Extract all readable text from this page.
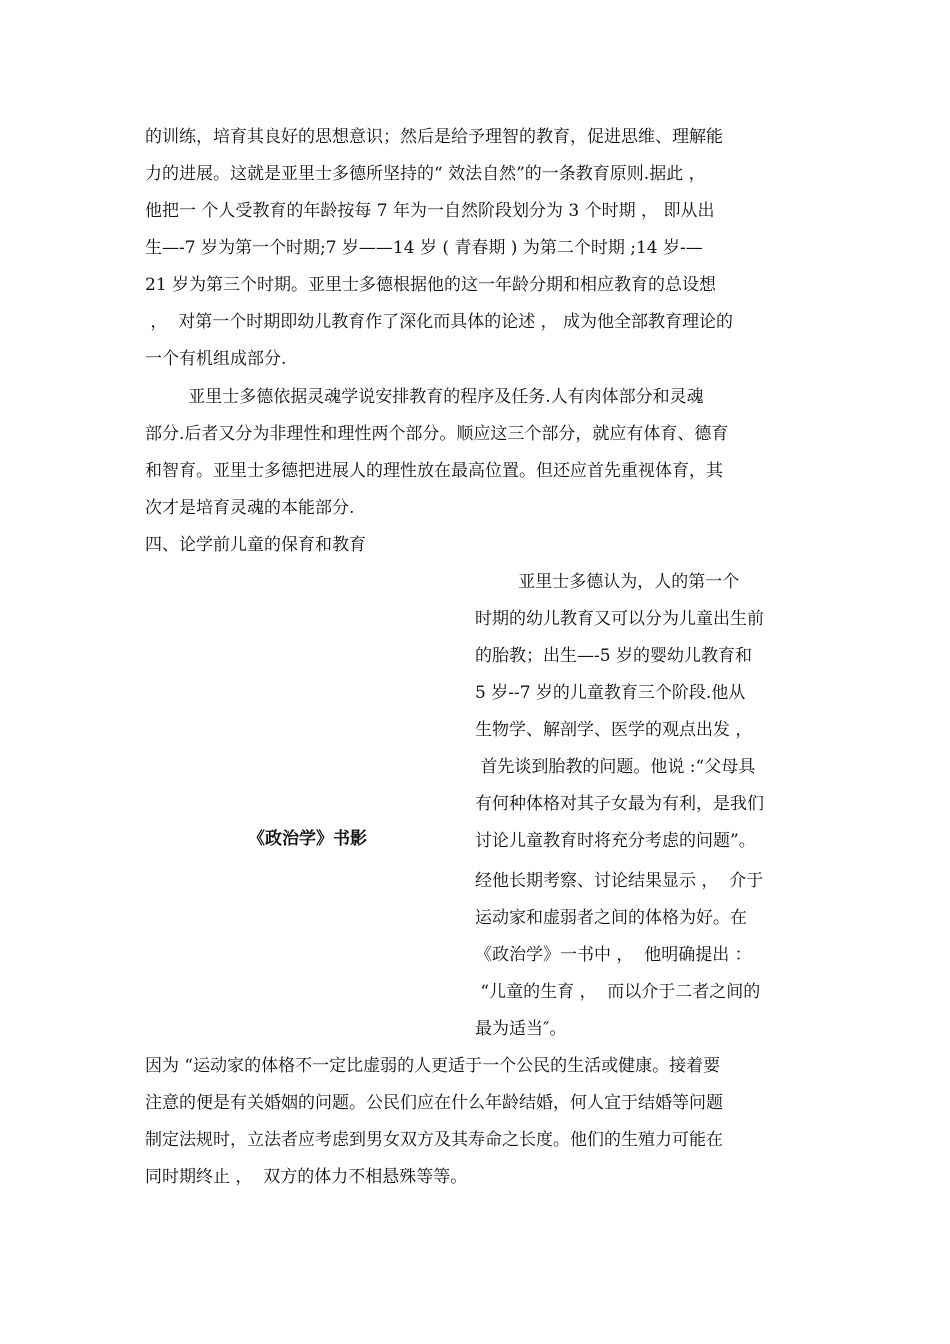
的训练，培育其良好的思想意识；然后是给予理智的教育，促进思维、理解能
力的进展。这就是亚里士多德所坚持的“ 效法自然”的一条教育原则.据此 ，
他把一 个人受教育的年龄按每 7 年为一自然阶段划分为 3 个时期 ， 即从出
生—-7 岁为第一个时期;7 岁——14 岁 ( 青春期 ) 为第二个时期 ;14 岁-—
21 岁为第三个时期。亚里士多德根据他的这一年龄分期和相应教育的总设想
，  对第一个时期即幼儿教育作了深化而具体的论述 ， 成为他全部教育理论的
一个有机组成部分.
亚里士多德依据灵魂学说安排教育的程序及任务.人有肉体部分和灵魂
部分.后者又分为非理性和理性两个部分。顺应这三个部分，就应有体育、德育
和智育。亚里士多德把进展人的理性放在最高位置。但还应首先重视体育，其
次才是培育灵魂的本能部分.
四、论学前儿童的保育和教育
《政治学》书影
亚里士多德认为，人的第一个
时期的幼儿教育又可以分为儿童出生前
的胎教；出生—-5 岁的婴幼儿教育和
5 岁--7 岁的儿童教育三个阶段.他从
生物学、解剖学、医学的观点出发 ，
首先谈到胎教的问题。他说 :“父母具
有何种体格对其子女最为有利，是我们
讨论儿童教育时将充分考虑的问题”。
经他长期考察、讨论结果显示 ，  介于
运动家和虚弱者之间的体格为好。在
《政治学》一书中 ，  他明确提出 ：
“儿童的生育 ，  而以介于二者之间的
最为适当″。
因为 “运动家的体格不一定比虚弱的人更适于一个公民的生活或健康。接着要
注意的便是有关婚姻的问题。公民们应在什么年龄结婚，何人宜于结婚等问题
制定法规时，立法者应考虑到男女双方及其寿命之长度。他们的生殖力可能在
同时期终止 ，  双方的体力不相悬殊等等。
